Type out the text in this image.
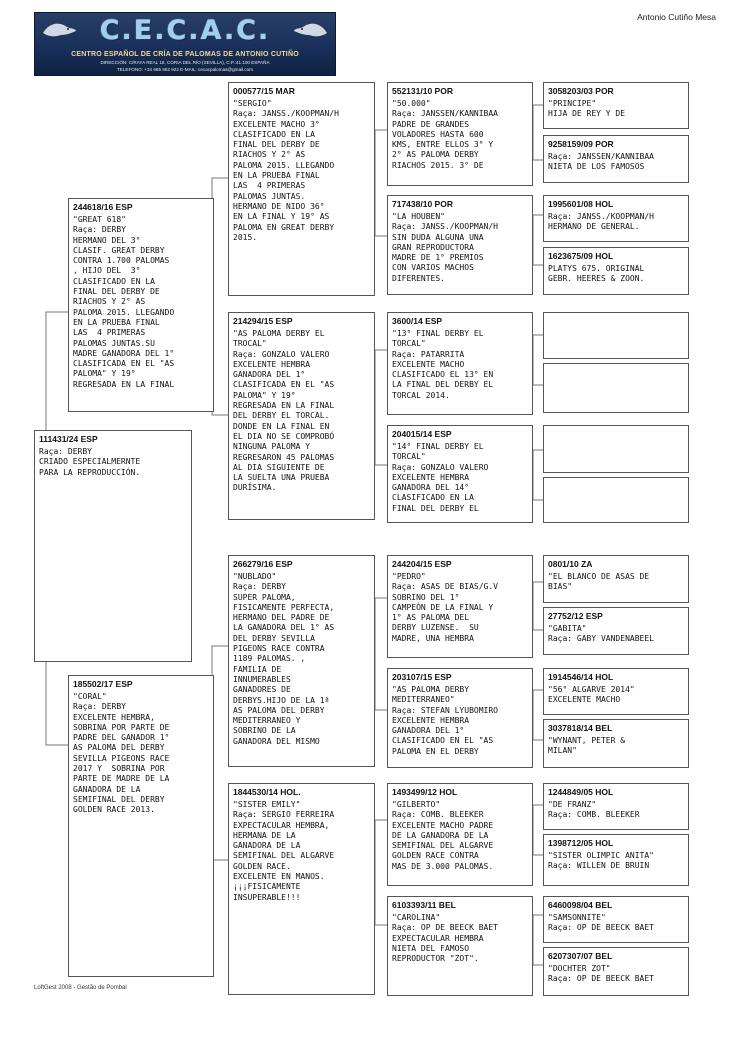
C.E.C.A.C.
CENTRO ESPAÑOL DE CRÍA DE PALOMAS DE ANTONIO CUTIÑO
DIRECCIÓN: C/RAYA REAL 16, CORIA DEL RÍO (SEVILLA), C.P.:41.100 ESPAÑA
TELEFONO: +34 685 952 922 E-MAIL: cecacpalomas@gmail.com
Antonio Cutiño Mesa
111431/24 ESP
Raça: DERBY
CRIADO ESPECIALMERNTE
PARA LA REPRODUCCIÓN.
244618/16 ESP
"GREAT 618"
Raça: DERBY
HERMANO DEL 3°
CLASIF. GREAT DERBY
CONTRA 1.700 PALOMAS
, HIJO DEL  3°
CLASIFICADO EN LA
FINAL DEL DERBY DE
RIACHOS Y 2° AS
PALOMA 2015. LLEGANDO
EN LA PRUEBA FINAL
LAS  4 PRIMERAS
PALOMAS JUNTAS.SU
MADRE GANADORA DEL 1°
CLASIFICADA EN EL "AS
PALOMA" Y 19°
REGRESADA EN LA FINAL
185502/17 ESP
"CORAL"
Raça: DERBY
EXCELENTE HEMBRA,
SOBRINA POR PARTE DE
PADRE DEL GANADOR 1°
AS PALOMA DEL DERBY
SEVILLA PIGEONS RACE
2017 Y  SOBRINA POR
PARTE DE MADRE DE LA
GANADORA DE LA
SEMIFINAL DEL DERBY
GOLDEN RACE 2013.
000577/15 MAR
"SERGIO"
Raça: JANSS./KOOPMAN/H
EXCELENTE MACHO 3°
CLASIFICADO EN LA
FINAL DEL DERBY DE
RIACHOS Y 2° AS
PALOMA 2015. LLEGANDO
EN LA PRUEBA FINAL
LAS  4 PRIMERAS
PALOMAS JUNTAS.
HERMANO DE NIDO 36°
EN LA FINAL Y 19° AS
PALOMA EN GREAT DERBY
2015.
214294/15 ESP
"AS PALOMA DERBY EL
TROCAL"
Raça: GONZALO VALERO
EXCELENTE HEMBRA
GANADORA DEL 1°
CLASIFICADA EN EL "AS
PALOMA" Y 19°
REGRESADA EN LA FINAL
DEL DERBY EL TORCAL.
DONDE EN LA FINAL EN
EL DIA NO SE COMPROBÓ
NINGUNA PALOMA Y
REGRESARON 45 PALOMAS
AL DIA SIGUIENTE DE
LA SUELTA UNA PRUEBA
DURÍSIMA.
266279/16 ESP
"NUBLADO"
Raça: DERBY
SUPER PALOMA,
FISICAMENTE PERFECTA,
HERMANO DEL PADRE DE
LA GANADORA DEL 1° AS
DEL DERBY SEVILLA
PIGEONS RACE CONTRA
1189 PALOMAS. ,
FAMILIA DE
INNUMERABLES
GANADORES DE
DERBYS.HIJO DE LA 1ª
AS PALOMA DEL DERBY
MEDITERRANEO Y
SOBRINO DE LA
GANADORA DEL MISMO
1844530/14 HOL.
"SISTER EMILY"
Raça: SERGIO FERREIRA
EXPECTACULAR HEMBRA,
HERMANA DE LA
GANADORA DE LA
SEMIFINAL DEL ALGARVE
GOLDEN RACE.
EXCELENTE EN MANOS.
¡¡¡FISICAMENTE
INSUPERABLE!!!
552131/10 POR
"50.000"
Raça: JANSSEN/KANNIBAA
PADRE DE GRANDES
VOLADORES HASTA 600
KMS, ENTRE ELLOS 3° Y
2° AS PALOMA DERBY
RIACHOS 2015. 3° DE
717438/10 POR
"LA HOUBEN"
Raça: JANSS./KOOPMAN/H
SIN DUDA ALGUNA UNA
GRAN REPRODUCTORA
MADRE DE 1° PREMIOS
CON VARIOS MACHOS
DIFERENTES.
3600/14 ESP
"13° FINAL DERBY EL
TORCAL"
Raça: PATARRITA
EXCELENTE MACHO
CLASIFICADO EL 13° EN
LA FINAL DEL DERBY EL
TORCAL 2014.
204015/14 ESP
"14° FINAL DERBY EL
TORCAL"
Raça: GONZALO VALERO
EXCELENTE HEMBRA
GANADORA DEL 14°
CLASIFICADO EN LA
FINAL DEL DERBY EL
244204/15 ESP
"PEDRO"
Raça: ASAS DE BIAS/G.V
SOBRINO DEL 1°
CAMPEÓN DE LA FINAL Y
1° AS PALOMA DEL
DERBY LUZENSE.  SU
MADRE, UNA HEMBRA
203107/15 ESP
"AS PALOMA DERBY
MEDITERRANEO"
Raça: STEFAN LYUBOMIRO
EXCELENTE HEMBRA
GANADORA DEL 1°
CLASIFICADO EN EL "AS
PALOMA EN EL DERBY
1493499/12 HOL
"GILBERTO"
Raça: COMB. BLEEKER
EXCELENTE MACHO PADRE
DE LA GANADORA DE LA
SEMIFINAL DEL ALGARVE
GOLDEN RACE CONTRA
MAS DE 3.000 PALOMAS.
6103393/11 BEL
"CAROLINA"
Raça: OP DE BEECK BAET
EXPECTACULAR HEMBRA
NIETA DEL FAMOSO
REPRODUCTOR "ZOT".
3058203/03 POR
"PRINCIPE"
HIJA DE REY Y DE
9258159/09 POR
Raça: JANSSEN/KANNIBAA
NIETA DE LOS FAMOSOS
1995601/08 HOL
Raça: JANSS./KOOPMAN/H
HERMANO DE GENERAL.
1623675/09 HOL
PLATYS 675. ORIGINAL
GEBR. HEERES & ZOON.
0801/10 ZA
"EL BLANCO DE ASAS DE
BIAS"
27752/12 ESP
"GABITA"
Raça: GABY VANDENABEEL
1914546/14 HOL
"56° ALGARVE 2014"
EXCELENTE MACHO
3037818/14 BEL
"WYNANT, PETER &
MILAN"
1244849/05 HOL
"DE FRANZ"
Raça: COMB. BLEEKER
1398712/05 HOL
"SISTER OLIMPIC ANITA"
Raça: WILLEN DE BRUIN
6460098/04 BEL
"SAMSONNITE"
Raça: OP DE BEECK BAET
6207307/07 BEL
"DOCHTER ZOT"
Raça: OP DE BEECK BAET
LoftGest 2008 - Gestão de Pombal
